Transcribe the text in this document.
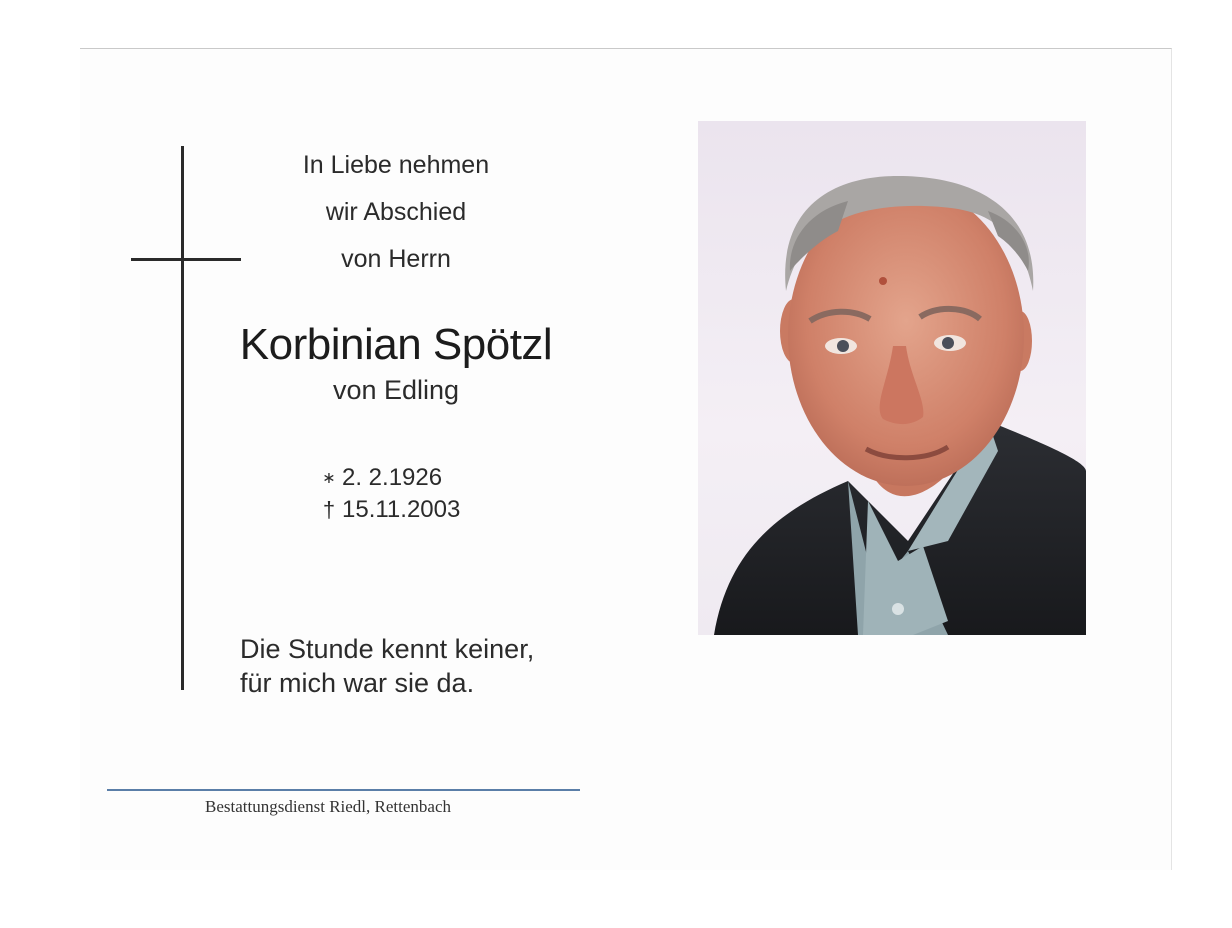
In Liebe nehmen
wir Abschied
von Herrn
Korbinian Spötzl
von Edling
∗ 2. 2.1926
† 15.11.2003
Die Stunde kennt keiner,
für mich war sie da.
Bestattungsdienst Riedl, Rettenbach
